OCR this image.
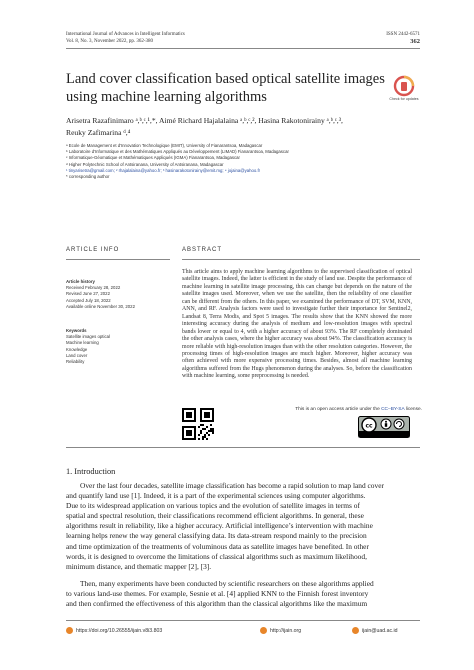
International Journal of Advances in Intelligent Informatics
Vol. 8, No. 3, November 2022, pp. 362-380
ISSN 2442-6571
362
Land cover classification based optical satellite images using machine learning algorithms	Check for updates
Arisetra Razafinimaro ᵃ,ᵇ,ᶜ,¹,*, Aimé Richard Hajalalaina ᵃ,ᵇ,ᶜ,², Hasina Rakotonirainy ᵃ,ᵇ,ᶜ,³,
Reuky Zafimarina ᵈ,⁴
ᵃ Ecole de Management et d'Innovation Technologique (EMIT), University of Fianarantsoa, Madagascar
ᵇ Laboratoire d'Informatique et des Mathématiques Appliqués au Développement (LIMAD) Fianarantsoa, Madagascar
ᶜ Informatique-Géomatique et Mathématiques Appliqués (IGMA) Fianarantsoa, Madagascar
ᵈ Higher Polytechnic School of Antsiranana, University of Antsiranana, Madagascar
¹ tinyarisetra@gmail.com; ² rhajalalaina@yahoo.fr; ³ hasinarakotonirainy@emit.mg; ⁴ jojaina@yahoo.fr
* corresponding author
ARTICLE INFO	ABSTRACT
Article history
Received February 28, 2022
Revised June 27, 2022
Accepted July 18, 2022
Available online November 30, 2022
Keywords
Satellite images optical
Machine learning
Knowledge
Land cover
Reliability
This article aims to apply machine learning algorithms to the supervised classification of optical satellite images. Indeed, the latter is efficient in the study of land use. Despite the performance of machine learning in satellite image processing, this can change but depends on the nature of the satellite images used. Moreover, when we use the satellite, then the reliability of one classifier can be different from the others. In this paper, we examined the performance of DT, SVM, KNN, ANN, and RF. Analysis factors were used to investigate further their importance for Sentinel2, Landsat 8, Terra Modis, and Spot 5 images. The results show that the KNN showed the more interesting accuracy during the analysis of medium and low-resolution images with spectral bands lower or equal to 4, with a higher accuracy of about 93%. The RF completely dominated the other analysis cases, where the higher accuracy was about 94%. The classification accuracy is more reliable with high-resolution images than with the other resolution categories. However, the processing times of high-resolution images are much higher. Moreover, higher accuracy was often achieved with more expensive processing times. Besides, almost all machine learning algorithms suffered from the Hugs phenomenon during the analyses. So, before the classification with machine learning, some preprocessing is needed.
This is an open access article under the CC–BY-SA license.
cc
1. Introduction
Over the last four decades, satellite image classification has become a rapid solution to map land cover
and quantify land use [1]. Indeed, it is a part of the experimental sciences using computer algorithms.
Due to its widespread application on various topics and the evolution of satellite images in terms of
spatial and spectral resolution, their classifications recommend efficient algorithms. In general, these
algorithms result in reliability, like a higher accuracy. Artificial intelligence’s intervention with machine
learning helps renew the way general classifying data. Its data-stream respond mainly to the precision
and time optimization of the treatments of voluminous data as satellite images have benefited. In other
words, it is designed to overcome the limitations of classical algorithms such as maximum likelihood,
minimum distance, and thematic mapper [2], [3].
Then, many experiments have been conducted by scientific researchers on these algorithms applied
to various land-use themes. For example, Sesnie et al. [4] applied KNN to the Finnish forest inventory
and then confirmed the effectiveness of this algorithm than the classical algorithms like the maximum
https://doi.org/10.26555/ijain.v8i3.803	http://ijain.org	ijain@uad.ac.id
